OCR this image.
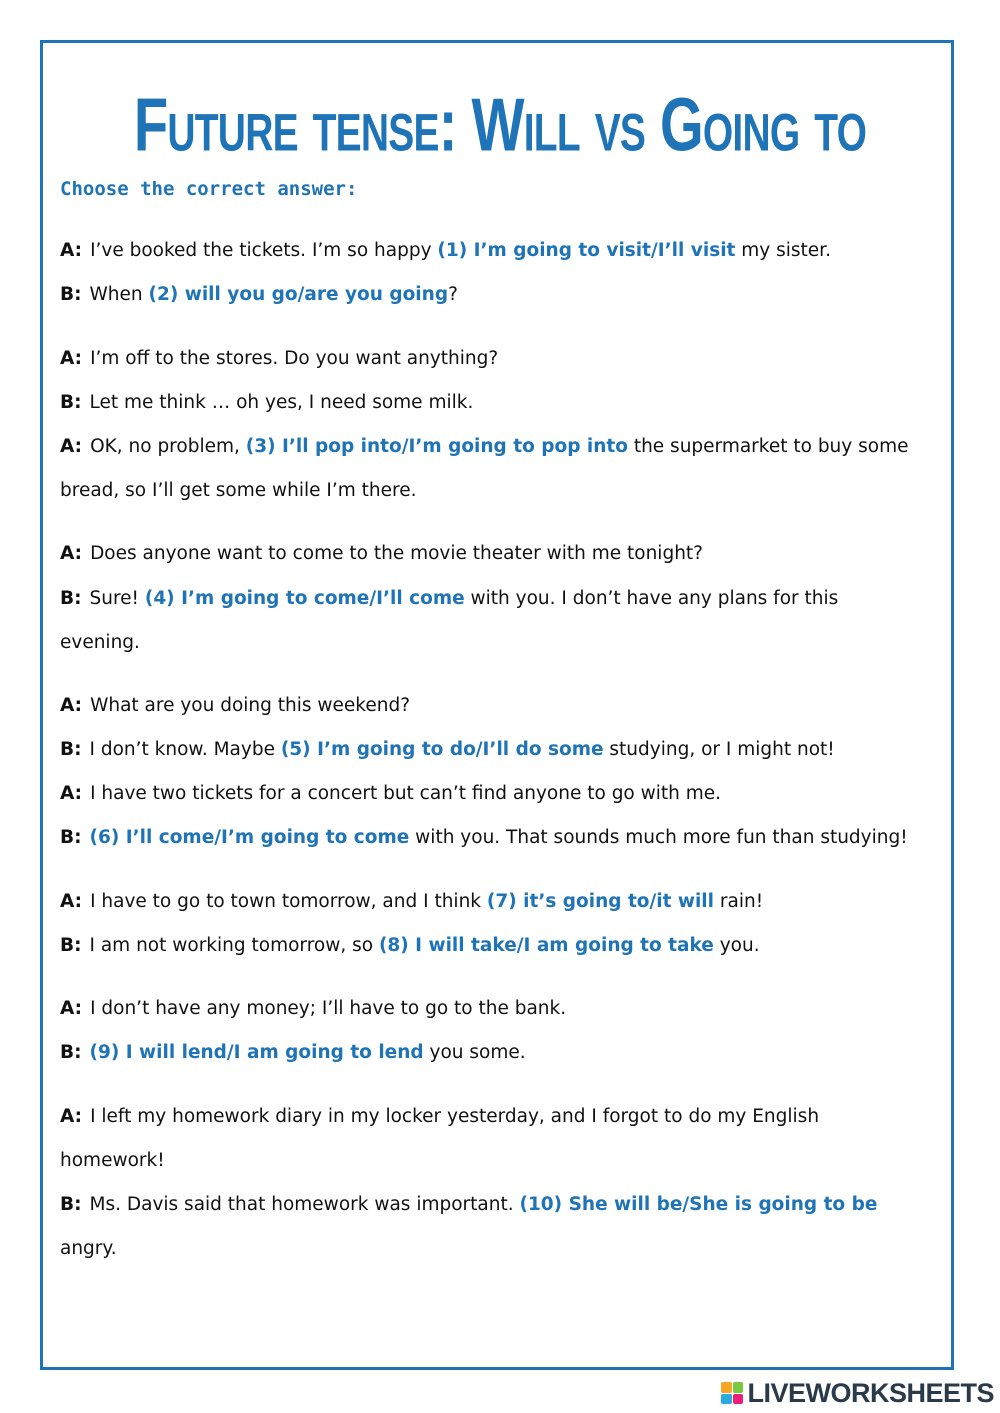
Future tense: Will vs Going to
Choose the correct answer:
A: I’ve booked the tickets. I’m so happy (1) I’m going to visit/I’ll visit my sister.
B: When (2) will you go/are you going?
A: I’m off to the stores. Do you want anything?
B: Let me think … oh yes, I need some milk.
A: OK, no problem, (3) I’ll pop into/I’m going to pop into the supermarket to buy some
bread, so I’ll get some while I’m there.
A: Does anyone want to come to the movie theater with me tonight?
B: Sure! (4) I’m going to come/I’ll come with you. I don’t have any plans for this
evening.
A: What are you doing this weekend?
B: I don’t know. Maybe (5) I’m going to do/I’ll do some studying, or I might not!
A: I have two tickets for a concert but can’t find anyone to go with me.
B: (6) I’ll come/I’m going to come with you. That sounds much more fun than studying!
A: I have to go to town tomorrow, and I think (7) it’s going to/it will rain!
B: I am not working tomorrow, so (8) I will take/I am going to take you.
A: I don’t have any money; I’ll have to go to the bank.
B: (9) I will lend/I am going to lend you some.
A: I left my homework diary in my locker yesterday, and I forgot to do my English
homework!
B: Ms. Davis said that homework was important. (10) She will be/She is going to be
angry.
LIVEWORKSHEETS
